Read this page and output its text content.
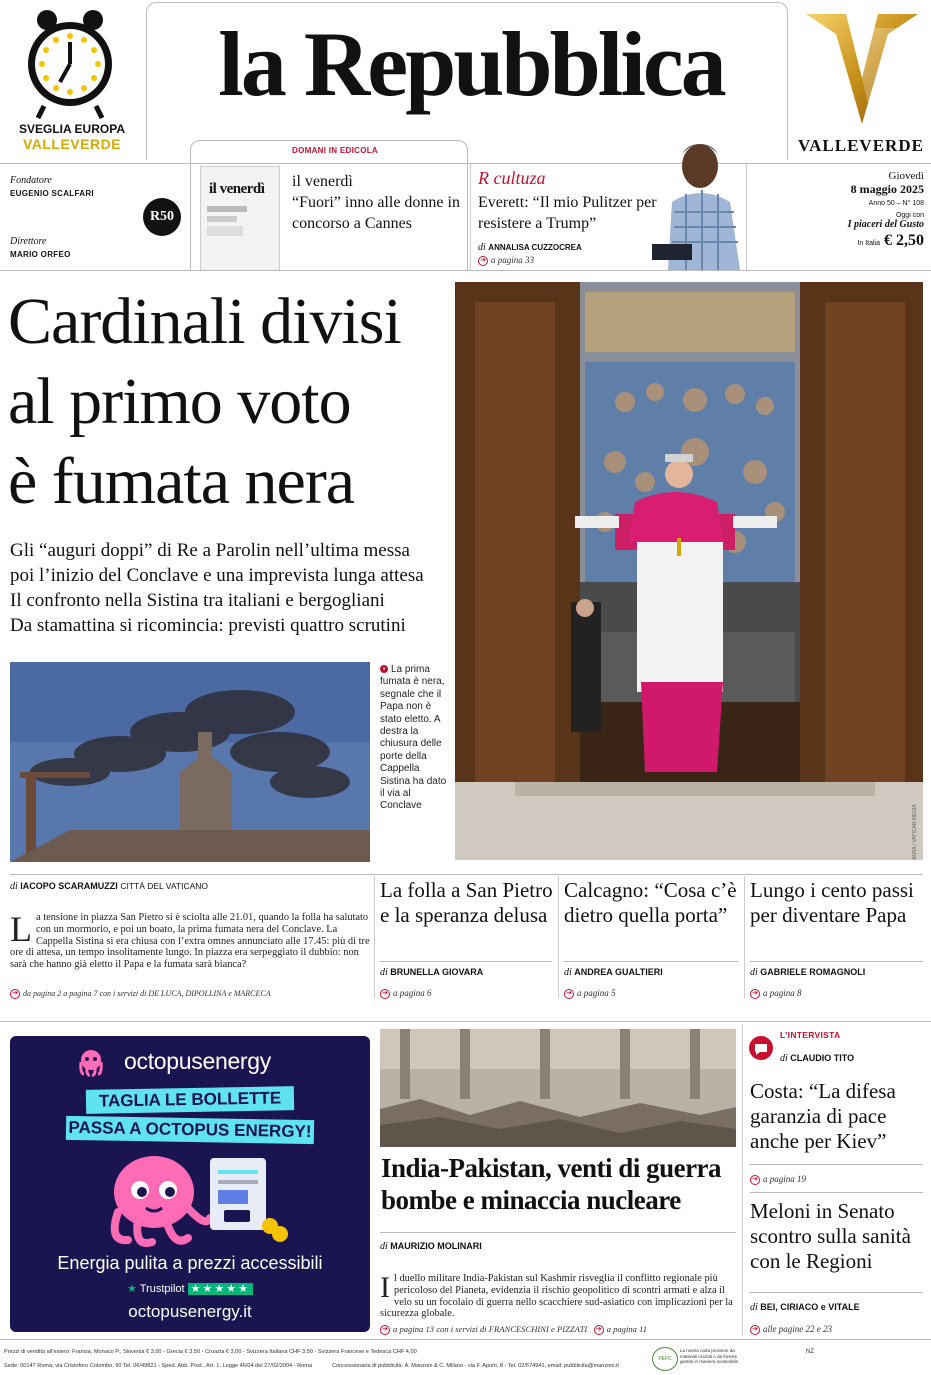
SVEGLIA EUROPA
VALLEVERDE
la Repubblica
VALLEVERDE
Fondatore
EUGENIO SCALFARI
Direttore
MARIO ORFEO
R50
DOMANI IN EDICOLA
il venerdì	il venerdì
“Fuori” inno alle donne in concorso a Cannes
R cultuza
Everett: “Il mio Pulitzer per resistere a Trump”
di ANNALISA CUZZOCREA
➔ a pagina 33
Giovedì
8 maggio 2025
Anno 50 – N° 108
Oggi con
I piaceri del Gusto
In Italia € 2,50
Cardinali divisi
al primo voto
è fumata nera
Gli “auguri doppi” di Re a Parolin nell’ultima messa
poi l’inizio del Conclave e una imprevista lunga attesa
Il confronto nella Sistina tra italiani e bergogliani
Da stamattina si ricomincia: previsti quattro scrutini
ANSA / VATICAN MEDIA
• La prima fumata è nera, segnale che il Papa non è stato eletto. A destra la chiusura delle porte della Cappella Sistina ha dato il via al Conclave
di IACOPO SCARAMUZZI CITTÀ DEL VATICANO
La tensione in piazza San Pietro si è sciolta alle 21.01, quando la folla ha salutato con un mormorio, e poi un boato, la prima fumata nera del Conclave. La Cappella Sistina si era chiusa con l’extra omnes annunciato alle 17.45: più di tre ore di attesa, un tempo insolitamente lungo. In piazza era serpeggiato il dubbio: non sarà che hanno già eletto il Papa e la fumata sarà bianca?
➔ da pagina 2 a pagina 7 con i servizi di DE LUCA, DIPOLLINA e MARCECA
La folla a San Pietro e la speranza delusa
di BRUNELLA GIOVARA
➔ a pagina 6
Calcagno: “Cosa c’è dietro quella porta”
di ANDREA GUALTIERI
➔ a pagina 5
Lungo i cento passi per diventare Papa
di GABRIELE ROMAGNOLI
➔ a pagina 8
octopusenergy
TAGLIA LE BOLLETTE
PASSA A OCTOPUS ENERGY!
Energia pulita a prezzi accessibili
★ Trustpilot ★★★★★
octopusenergy.it
India-Pakistan, venti di guerra bombe e minaccia nucleare
di MAURIZIO MOLINARI
Il duello militare India-Pakistan sul Kashmir risveglia il conflitto regionale più pericoloso del Pianeta, evidenzia il rischio geopolitico di scontri armati e alza il velo su un focolaio di guerra nello scacchiere sud-asiatico con implicazioni per la sicurezza globale.
➔ a pagina 13 con i servizi di FRANCESCHINI e PIZZATI ➔ a pagina 11
L’INTERVISTA
di CLAUDIO TITO
Costa: “La difesa garanzia di pace anche per Kiev”
➔ a pagina 19
Meloni in Senato scontro sulla sanità con le Regioni
di BEI, CIRIACO e VITALE
➔ alle pagine 22 e 23
Prezzi di vendita all’estero: Francia, Monaco P., Slovenia € 3,00 - Grecia € 3,50 - Croazia € 3,00 - Svizzera Italiana CHF 3,50 - Svizzera Francese e Tedesca CHF 4,00
Sede: 00147 Roma, via Cristoforo Colombo, 90 Tel. 06/49821 - Sped. Abb. Post., Art. 1, Legge 46/04 del 27/02/2004 - Roma	Concessionaria di pubblicità: A. Manzoni & C. Milano - via F. Aporti, 8 - Tel. 02/574941, email: pubblicita@manzoni.it
PEFC
La nostra carta proviene da materiali riciclati o da foreste gestite in maniera sostenibile
NZ
